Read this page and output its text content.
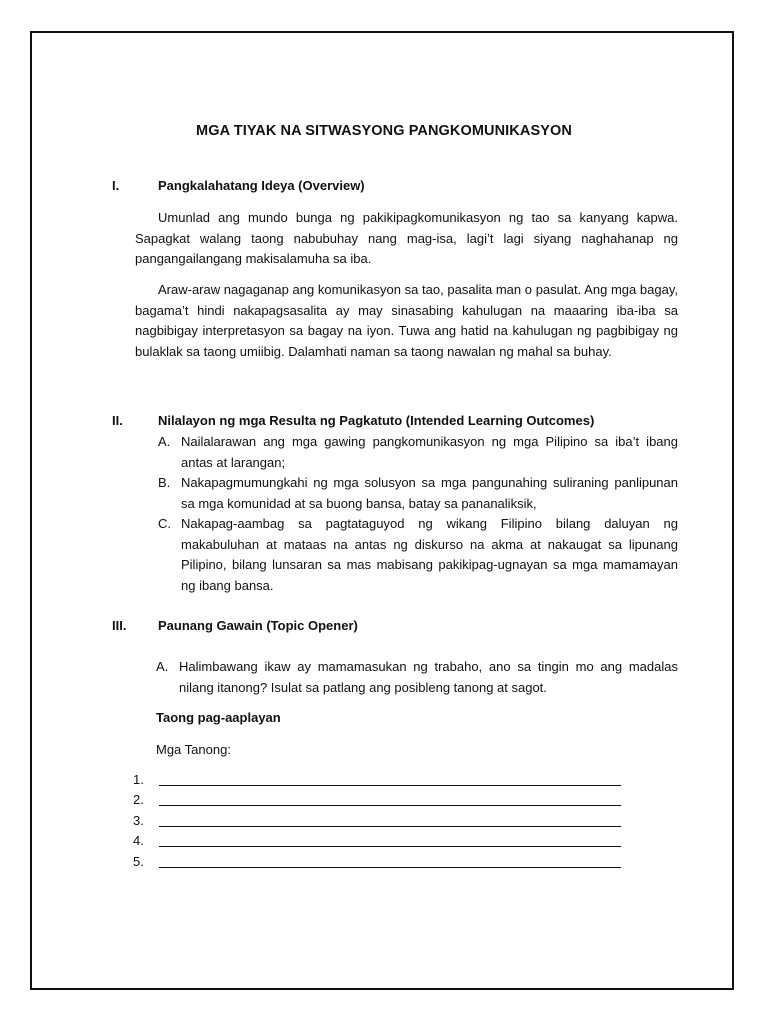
MGA TIYAK NA SITWASYONG PANGKOMUNIKASYON
I.	Pangkalahatang Ideya (Overview)

Umunlad ang mundo bunga ng pakikipagkomunikasyon ng tao sa kanyang kapwa. Sapagkat walang taong nabubuhay nang mag-isa, lagi’t lagi siyang naghahanap ng pangangailangang makisalamuha sa iba.

Araw-araw nagaganap ang komunikasyon sa tao, pasalita man o pasulat. Ang mga bagay, bagama’t hindi nakapagsasalita ay may sinasabing kahulugan na maaaring iba-iba sa nagbibigay interpretasyon sa bagay na iyon. Tuwa ang hatid na kahulugan ng pagbibigay ng bulaklak sa taong umiibig. Dalamhati naman sa taong nawalan ng mahal sa buhay.

II.	Nilalayon ng mga Resulta ng Pagkatuto (Intended Learning Outcomes)
A. Nailalarawan ang mga gawing pangkomunikasyon ng mga Pilipino sa iba’t ibang antas at larangan;
B. Nakapagmumungkahi ng mga solusyon sa mga pangunahing suliraning panlipunan sa mga komunidad at sa buong bansa, batay sa pananaliksik,
C. Nakapag-aambag sa pagtataguyod ng wikang Filipino bilang daluyan ng makabuluhan at mataas na antas ng diskurso na akma at nakaugat sa lipunang Pilipino, bilang lunsaran sa mas mabisang pakikipag-ugnayan sa mga mamamayan ng ibang bansa.
III. Paunang Gawain (Topic Opener)
A. Halimbawang ikaw ay mamamasukan ng trabaho, ano sa tingin mo ang madalas nilang itanong? Isulat sa patlang ang posibleng tanong at sagot.
Taong pag-aaplayan
Mga Tanong:
1.
2.
3.
4.
5.
